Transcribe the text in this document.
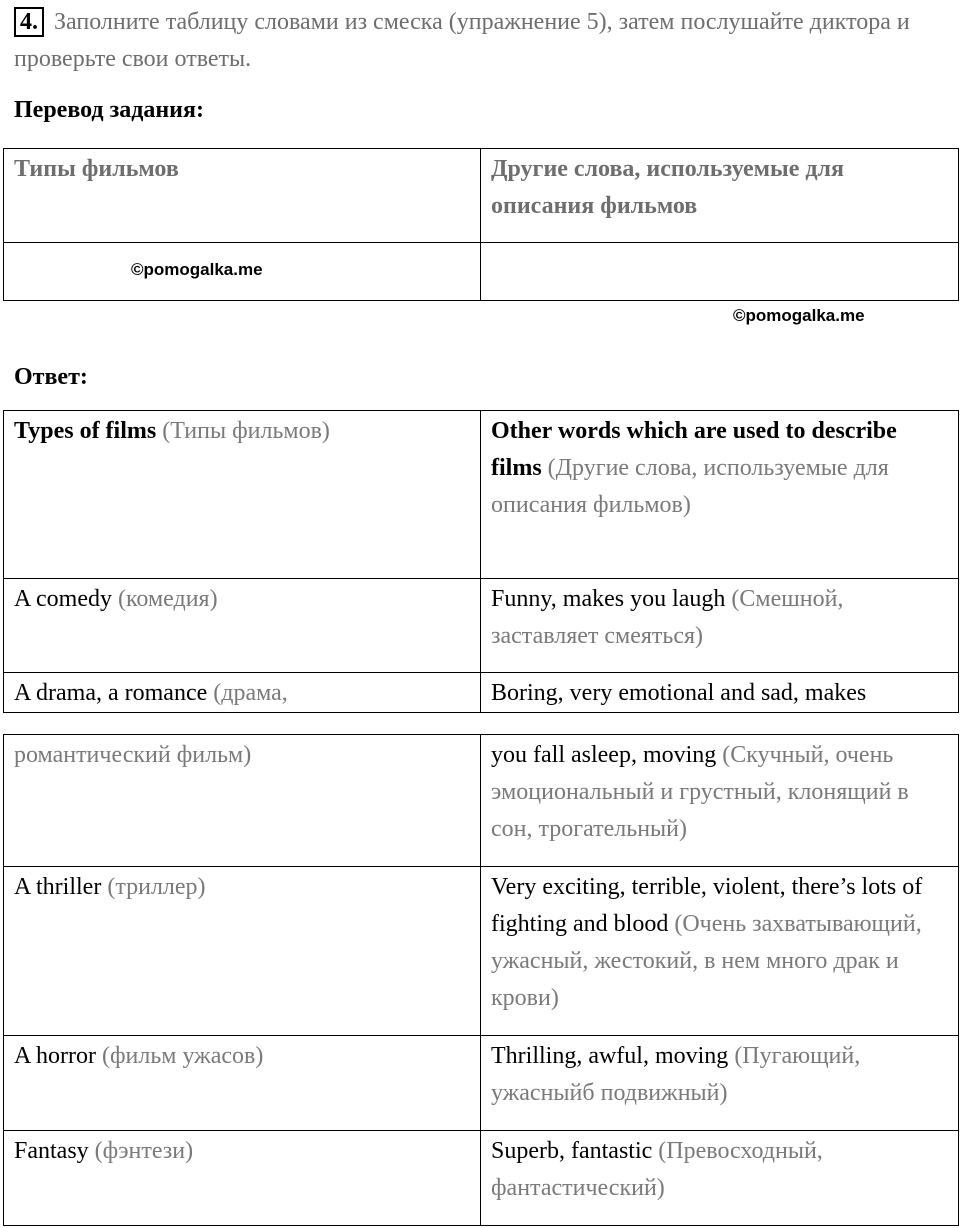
4. Заполните таблицу словами из смеска (упражнение 5), затем послушайте диктора и проверьте свои ответы.
Перевод задания:
Типы фильмов	Другие слова, используемые для описания фильмов

©pomogalka.me
©pomogalka.me
Ответ:
Types of films (Типы фильмов)	Other words which are used to describe films (Другие слова, используемые для описания фильмов)
A comedy (комедия)	Funny, makes you laugh (Смешной, заставляет смеяться)
A drama, a romance (драма,	Boring, very emotional and sad, makes
романтический фильм)	you fall asleep, moving (Скучный, очень эмоциональный и грустный, клонящий в сон, трогательный)
A thriller (триллер)	Very exciting, terrible, violent, there’s lots of fighting and blood (Очень захватывающий, ужасный, жестокий, в нем много драк и крови)
A horror (фильм ужасов)	Thrilling, awful, moving (Пугающий, ужасныйб подвижный)
Fantasy (фэнтези)	Superb, fantastic (Превосходный, фантастический)
